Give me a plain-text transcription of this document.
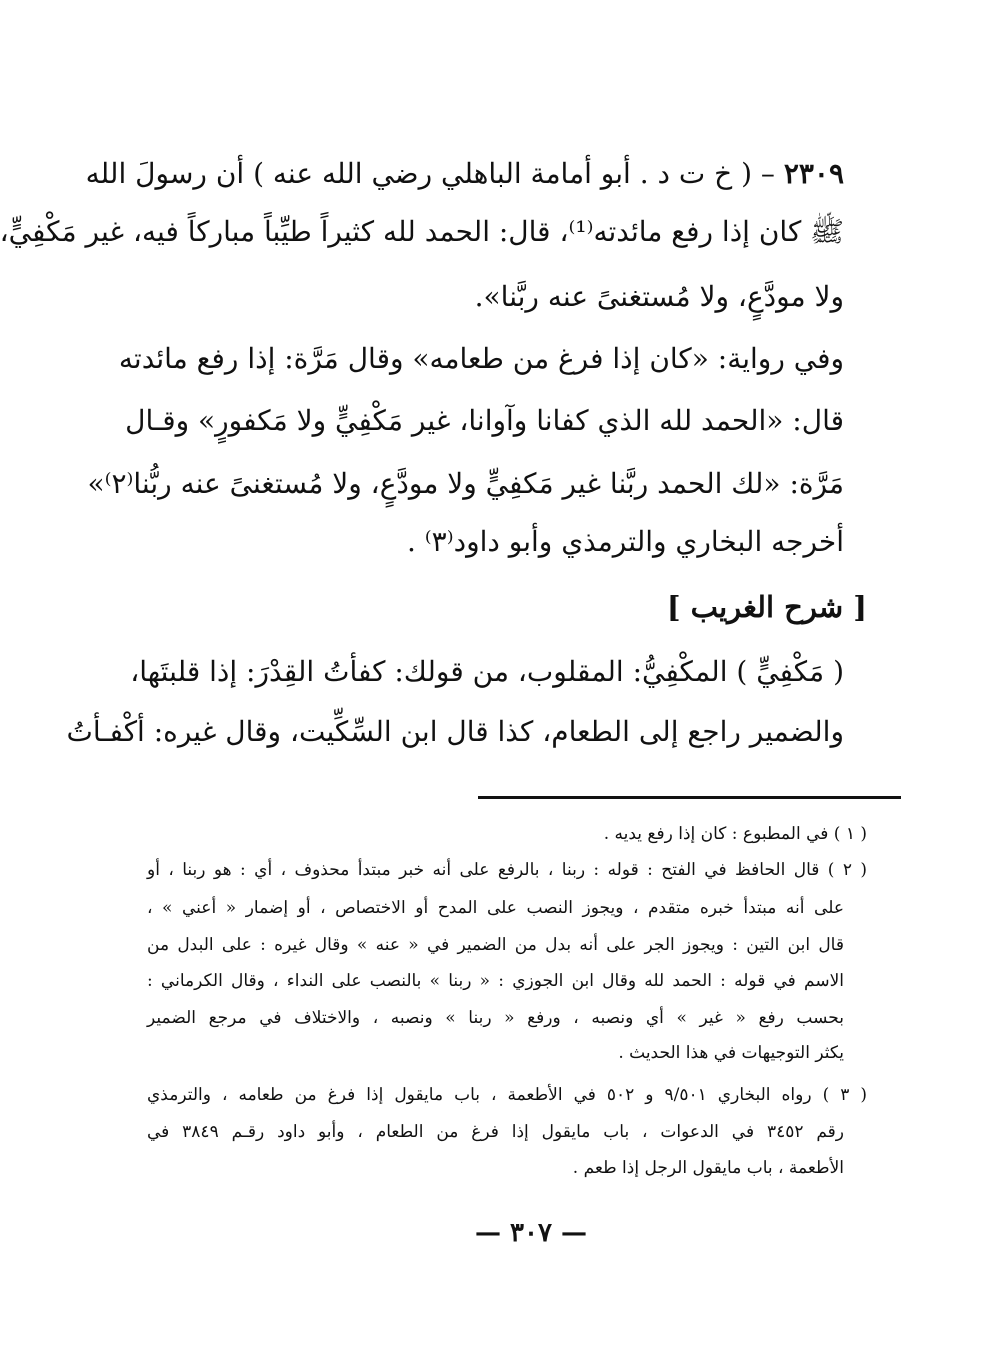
٢٣٠٩ – ( خ ت د . أبو أمامة الباهلي رضي الله عنه ) أن رسولَ الله
ﷺ كان إذا رفع مائدته⁽¹⁾، قال: الحمد لله كثيراً طيِّباً مباركاً فيه، غير مَكْفِيٍّ،
ولا مودَّعٍ، ولا مُستغنىً عنه ربَّنا».
وفي رواية: «كان إذا فرغ من طعامه» وقال مَرَّة: إذا رفع مائدته
قال: «الحمد لله الذي كفانا وآوانا، غير مَكْفِيٍّ ولا مَكفورٍ» وقـال
مَرَّة: «لك الحمد ربَّنا غير مَكفِيٍّ ولا مودَّعٍ، ولا مُستغنىً عنه ربُّنا⁽٢⁾»
أخرجه البخاري والترمذي وأبو داود⁽٣⁾ .
[ شرح الغريب ]
( مَكْفِيٍّ ) المكْفِيُّ: المقلوب، من قولك: كفأتُ القِدْرَ: إذا قلبتَها،
والضمير راجع إلى الطعام، كذا قال ابن السِّكِّيت، وقال غيره: أكْفـأتُ
( ١ ) في المطبوع : كان إذا رفع يديه .
( ٢ ) قال الحافظ في الفتح : قوله : ربنا ، بالرفع على أنه خبر مبتدأ محذوف ، أي : هو ربنا ، أو
على أنه مبتدأ خبره متقدم ، ويجوز النصب على المدح أو الاختصاص ، أو إضمار « أعني » ،
قال ابن التين : ويجوز الجر على أنه بدل من الضمير في « عنه » وقال غيره : على البدل من
الاسم في قوله : الحمد لله وقال ابن الجوزي : « ربنا » بالنصب على النداء ، وقال الكرماني :
بحسب رفع « غير » أي ونصبه ، ورفع « ربنا » ونصبه ، والاختلاف في مرجع الضمير
يكثر التوجيهات في هذا الحديث .
( ٣ ) رواه البخاري ٩/٥٠١ و ٥٠٢ في الأطعمة ، باب مايقول إذا فرغ من طعامه ، والترمذي
رقم ٣٤٥٢ في الدعوات ، باب مايقول إذا فرغ من الطعام ، وأبو داود رقـم ٣٨٤٩ في
الأطعمة ، باب مايقول الرجل إذا طعم .
— ٣٠٧ —
